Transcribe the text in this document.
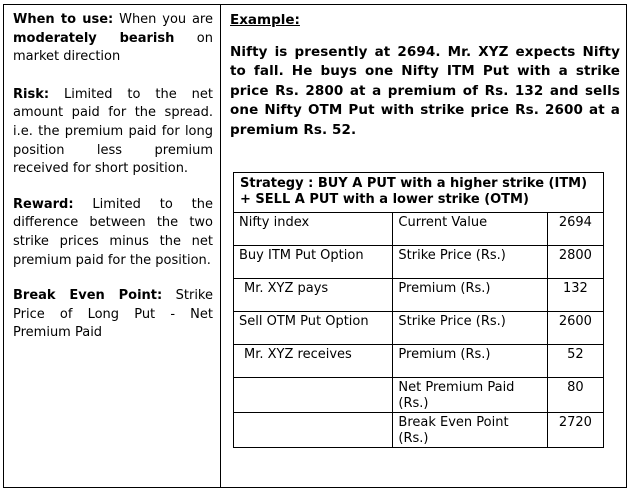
When to use: When you are moderately bearish on market direction

Risk: Limited to the net amount paid for the spread. i.e. the premium paid for long position less premium received for short position.

Reward: Limited to the difference between the two strike prices minus the net premium paid for the position.

Break Even Point: Strike Price of Long Put - Net Premium Paid

Example:

Nifty is presently at 2694. Mr. XYZ expects Nifty to fall. He buys one Nifty ITM Put with a strike price Rs. 2800 at a premium of Rs. 132 and sells one Nifty OTM Put with strike price Rs. 2600 at a premium Rs. 52.
Strategy : BUY A PUT with a higher strike (ITM) + SELL A PUT with a lower strike (OTM)		
Nifty index	Current Value	2694
Buy ITM Put Option	Strike Price (Rs.)	2800
Mr. XYZ pays	Premium (Rs.)	132
Sell OTM Put Option	Strike Price (Rs.)	2600
Mr. XYZ receives	Premium (Rs.)	52
	Net Premium Paid (Rs.)	80
	Break Even Point (Rs.)	2720
